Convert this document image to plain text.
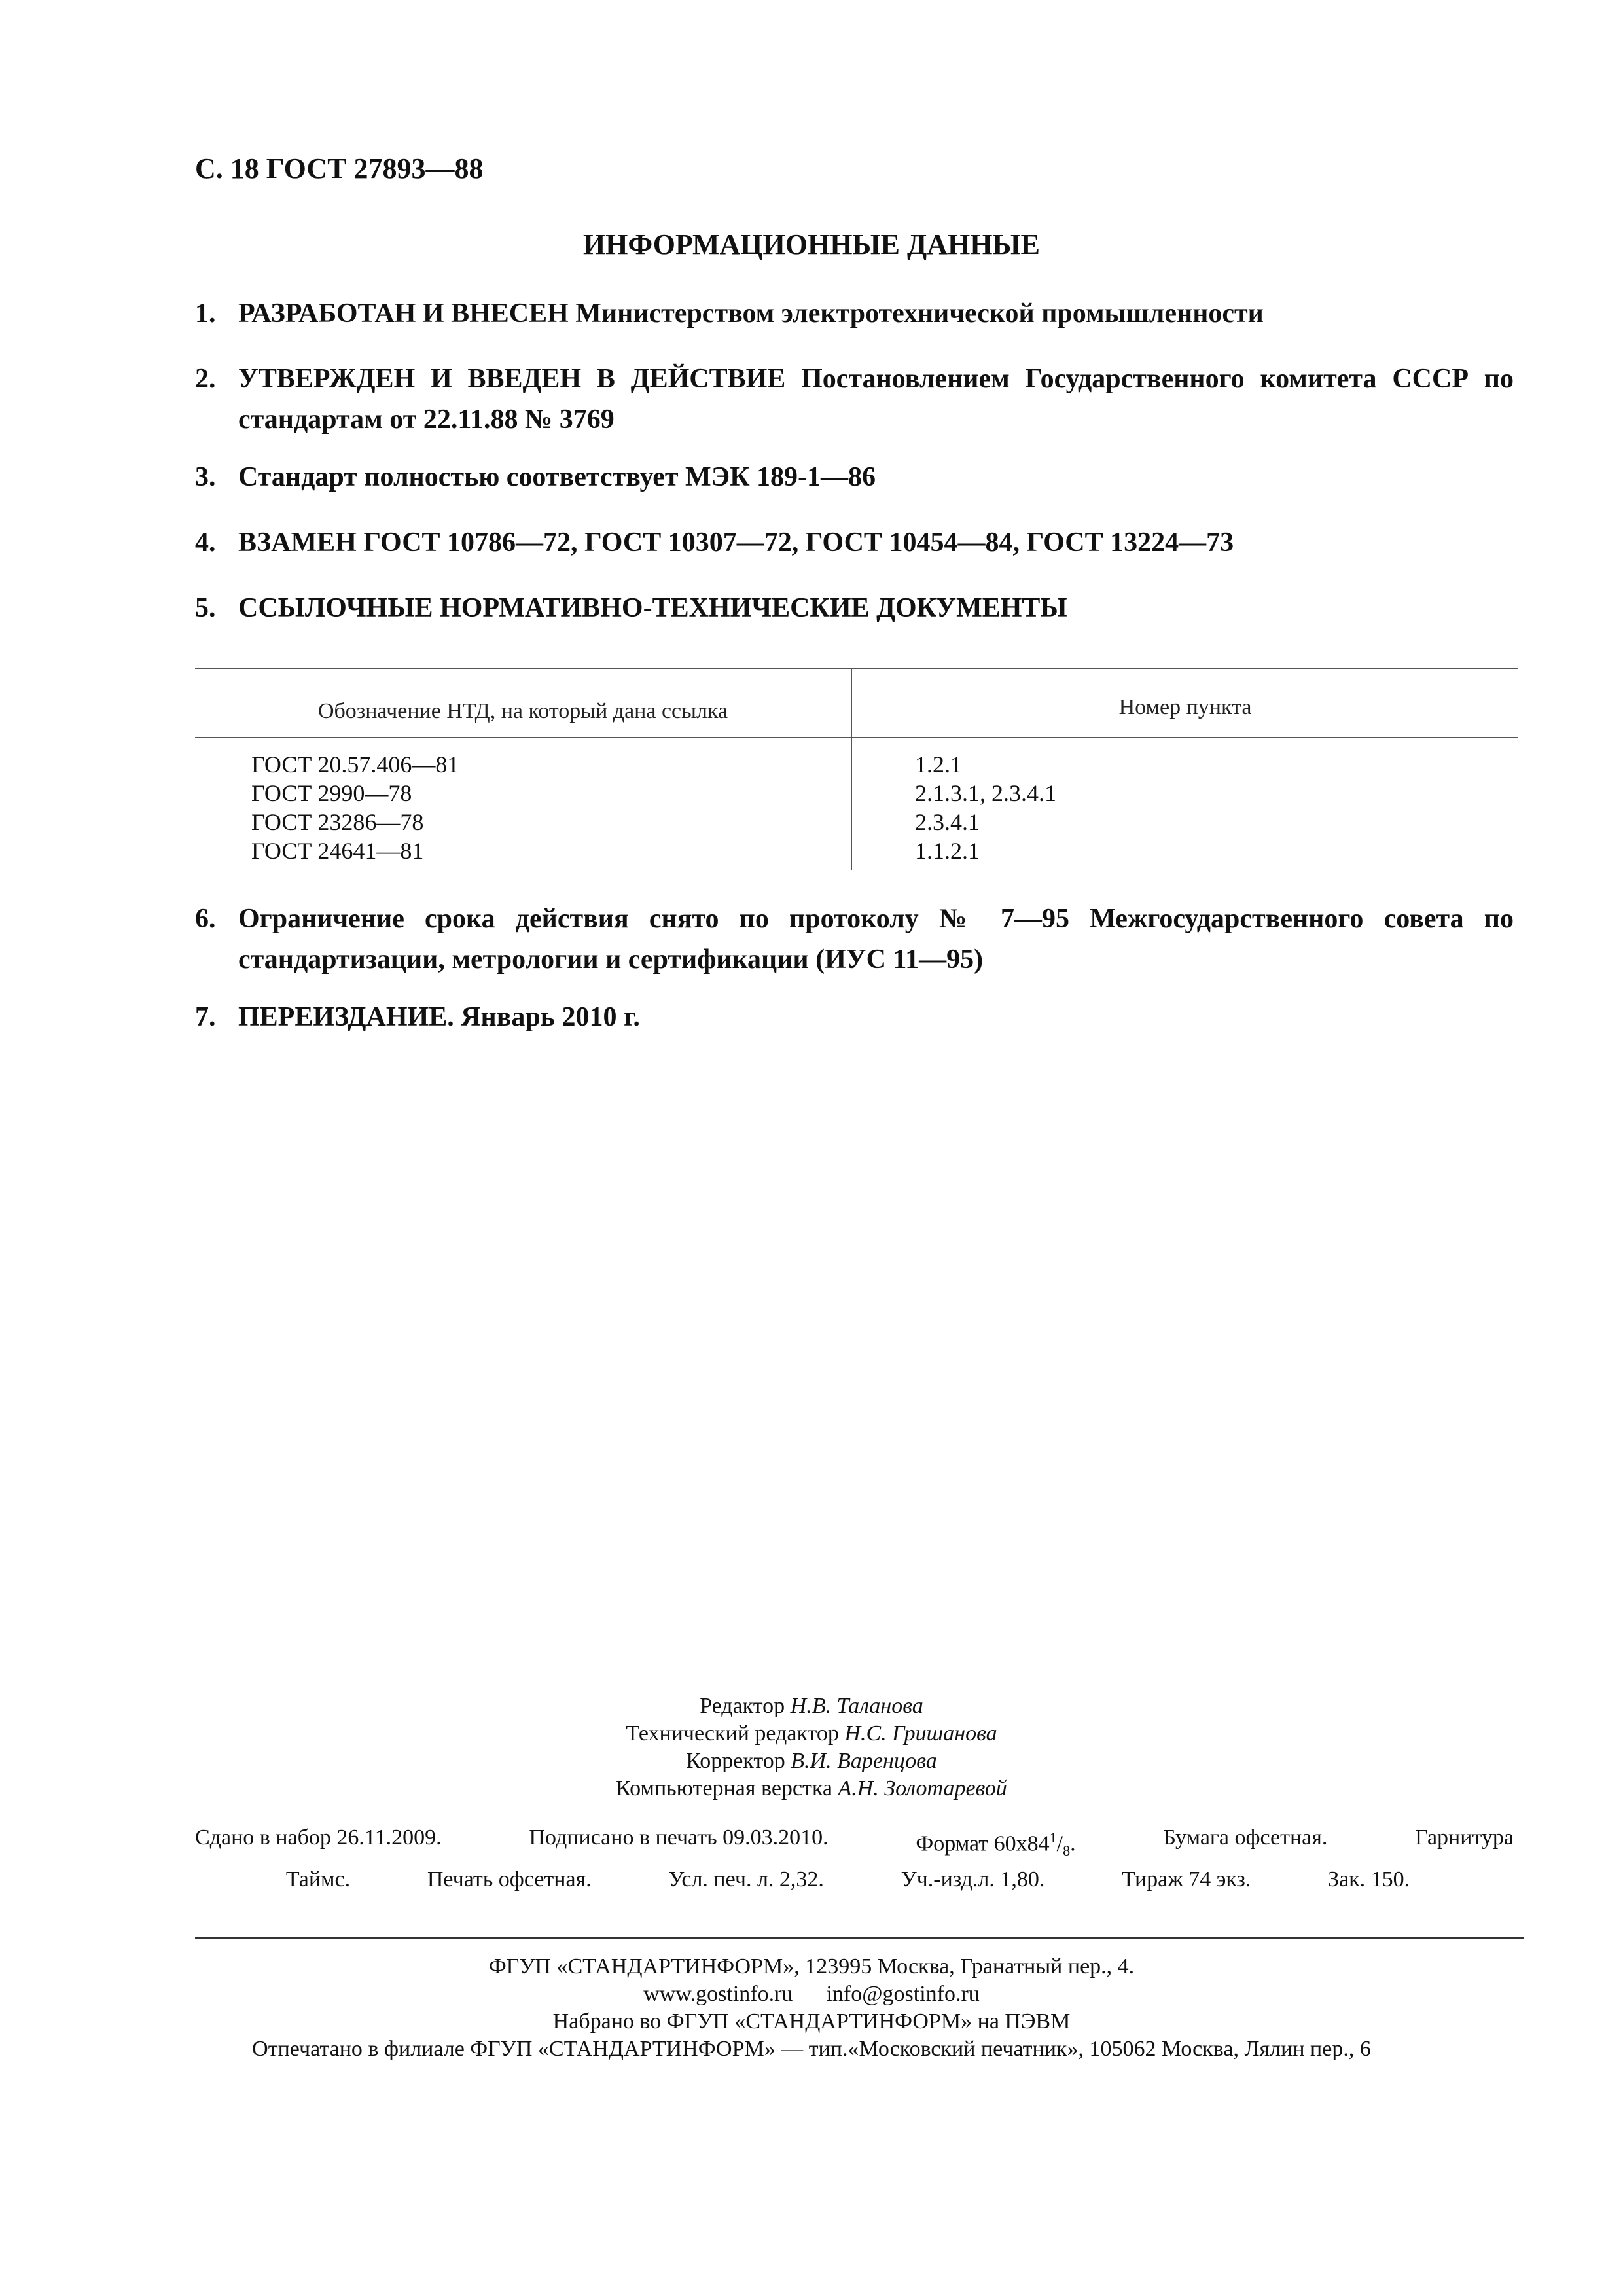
С. 18 ГОСТ 27893—88
ИНФОРМАЦИОННЫЕ ДАННЫЕ
1. РАЗРАБОТАН И ВНЕСЕН Министерством электротехнической промышленности
2. УТВЕРЖДЕН И ВВЕДЕН В ДЕЙСТВИЕ Постановлением Государственного комитета СССР по стандартам от 22.11.88 № 3769
3. Стандарт полностью соответствует МЭК 189-1—86
4. ВЗАМЕН ГОСТ 10786—72, ГОСТ 10307—72, ГОСТ 10454—84, ГОСТ 13224—73
5. ССЫЛОЧНЫЕ НОРМАТИВНО-ТЕХНИЧЕСКИЕ ДОКУМЕНТЫ
Обозначение НТД, на который дана ссылка	Номер пункта
ГОСТ 20.57.406—81	1.2.1
ГОСТ 2990—78	2.1.3.1, 2.3.4.1
ГОСТ 23286—78	2.3.4.1
ГОСТ 24641—81	1.1.2.1
6. Ограничение срока действия снято по протоколу № 7—95 Межгосударственного совета по стандартизации, метрологии и сертификации (ИУС 11—95)
7. ПЕРЕИЗДАНИЕ. Январь 2010 г.
Редактор Н.В. Таланова
Технический редактор Н.С. Гришанова
Корректор В.И. Варенцова
Компьютерная верстка А.Н. Золотаревой
Сдано в набор 26.11.2009.	Подписано в печать 09.03.2010.	Формат $60x84^1/_8$.	Бумага офсетная.	Гарнитура
Таймс.	Печать офсетная.	Усл. печ. л. 2,32.	Уч.-изд.л. 1,80.	Тираж 74 экз.	Зак. 150.
ФГУП «СТАНДАРТИНФОРМ», 123995 Москва, Гранатный пер., 4.
www.gostinfo.ru info@gostinfo.ru
Набрано во ФГУП «СТАНДАРТИНФОРМ» на ПЭВМ
Отпечатано в филиале ФГУП «СТАНДАРТИНФОРМ» — тип.«Московский печатник», 105062 Москва, Лялин пер., 6
